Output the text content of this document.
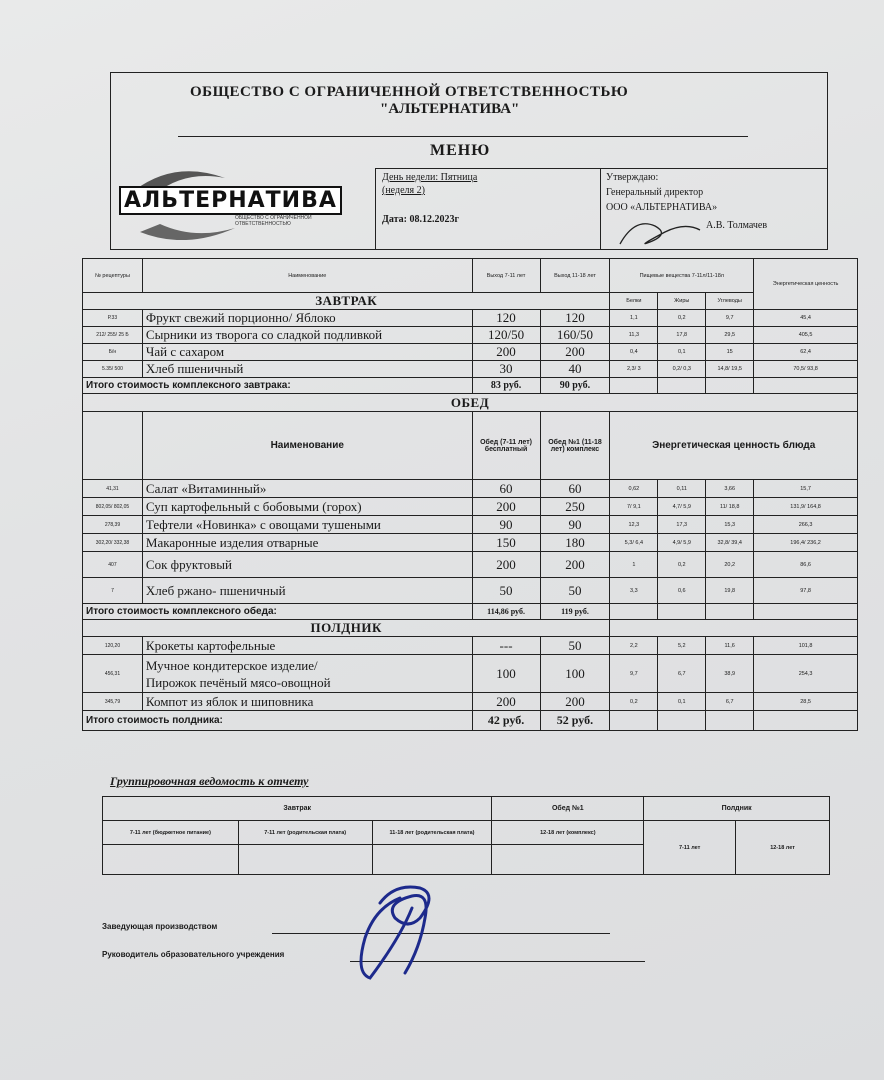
ОБЩЕСТВО С ОГРАНИЧЕННОЙ ОТВЕТСТВЕННОСТЬЮ
"АЛЬТЕРНАТИВА"
МЕНЮ
АЛЬТЕРНАТИВА
ОБЩЕСТВО С ОГРАНИЧЕННОЙ ОТВЕТСТВЕННОСТЬЮ
День недели: Пятница
(неделя 2)
Дата: 08.12.2023г
Утверждаю:
Генеральный директор
ООО «АЛЬТЕРНАТИВА»
А.В. Толмачев
№ рецептуры	Наименование	Выход 7-11 лет	Выход 11-18 лет	Пищевые вещества 7-11л/11-18л			Энергетическая ценность
ЗАВТРАК				Белки	Жиры	Углеводы	
Р.33	Фрукт свежий порционно/ Яблоко	120	120	1,1	0,2	9,7	45,4
212/ 255/ 25 Б	Сырники из творога со сладкой подливкой	120/50	160/50	11,3	17,8	29,5	405,5
Б/н	Чай с сахаром	200	200	0,4	0,1	15	62,4
5.35/ 500	Хлеб пшеничный	30	40	2,3/ 3	0,2/ 0,3	14,8/ 19,5	70,5/ 93,8
Итого стоимость комплексного завтрака:		83 руб.	90 руб.				
ОБЕД							
	Наименование	Обед (7-11 лет) бесплатный	Обед №1 (11-18 лет) комплекс	Энергетическая ценность блюда			
41,31	Салат «Витаминный»	60	60	0,62	0,11	3,66	15,7
802,05/ 802,05	Суп картофельный с бобовыми (горох)	200	250	7/ 9,1	4,7/ 5,9	11/ 18,8	131,9/ 164,8
278,39	Тефтели «Новинка» с овощами тушеными	90	90	12,3	17,3	15,3	266,3
302,20/ 332,38	Макаронные изделия отварные	150	180	5,3/ 6,4	4,9/ 5,9	32,8/ 39,4	196,4/ 236,2
407	Сок фруктовый	200	200	1	0,2	20,2	86,6
7	Хлеб ржано- пшеничный	50	50	3,3	0,6	19,8	97,8
Итого стоимость комплексного обеда:		114,86 руб.	119 руб.				
ПОЛДНИК							
120,20	Крокеты картофельные	---	50	2,2	5,2	11,6	101,8
456,31	Мучное кондитерское изделие/
Пирожок печёный мясо-овощной	100	100	9,7	6,7	38,9	254,3
345,79	Компот из яблок и шиповника	200	200	0,2	0,1	6,7	28,5
Итого стоимость полдника:		42 руб.	52 руб.				
Группировочная ведомость к отчету
Завтрак			Обед №1	Полдник	
7-11 лет (бюджетное питание)	7-11 лет (родительская плата)	11-18 лет (родительская плата)	12-18 лет (комплекс)	7-11 лет	12-18 лет

Заведующая производством
Руководитель образовательного учреждения
